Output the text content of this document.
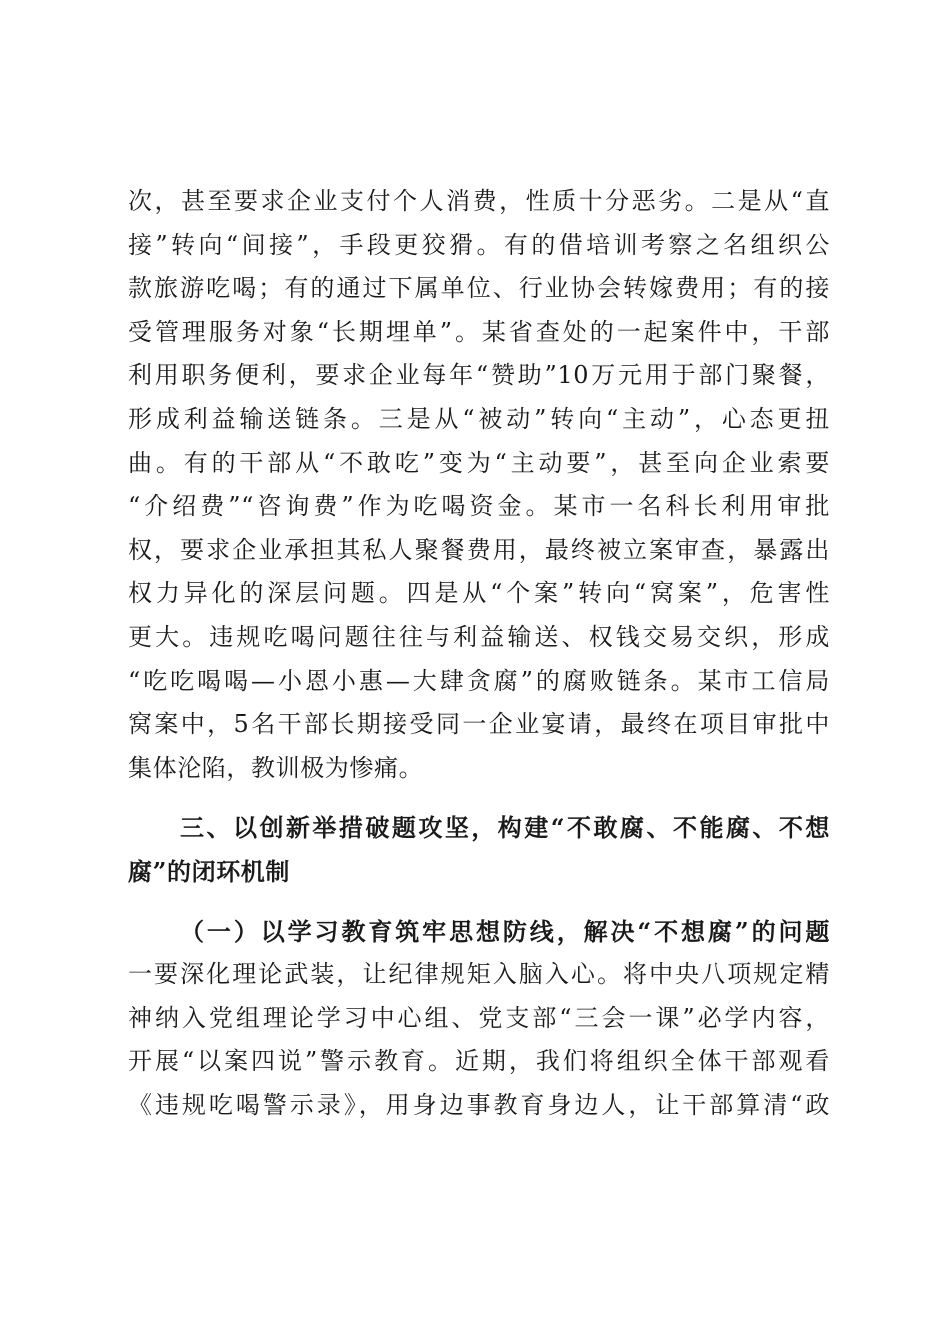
次，甚至要求企业支付个人消费，性质十分恶劣。二是从“直
接”转向“间接”，手段更狡猾。有的借培训考察之名组织公
款旅游吃喝；有的通过下属单位、行业协会转嫁费用；有的接
受管理服务对象“长期埋单”。某省查处的一起案件中，干部
利用职务便利，要求企业每年“赞助”10万元用于部门聚餐，
形成利益输送链条。三是从“被动”转向“主动”，心态更扭
曲。有的干部从“不敢吃”变为“主动要”，甚至向企业索要
“介绍费”“咨询费”作为吃喝资金。某市一名科长利用审批
权，要求企业承担其私人聚餐费用，最终被立案审查，暴露出
权力异化的深层问题。四是从“个案”转向“窝案”，危害性
更大。违规吃喝问题往往与利益输送、权钱交易交织，形成
“吃吃喝喝—小恩小惠—大肆贪腐”的腐败链条。某市工信局
窝案中，5名干部长期接受同一企业宴请，最终在项目审批中
集体沦陷，教训极为惨痛。
三、以创新举措破题攻坚，构建“不敢腐、不能腐、不想
腐”的闭环机制
（一）以学习教育筑牢思想防线，解决“不想腐”的问题
一要深化理论武装，让纪律规矩入脑入心。将中央八项规定精
神纳入党组理论学习中心组、党支部“三会一课”必学内容，
开展“以案四说”警示教育。近期，我们将组织全体干部观看
《违规吃喝警示录》，用身边事教育身边人，让干部算清“政
